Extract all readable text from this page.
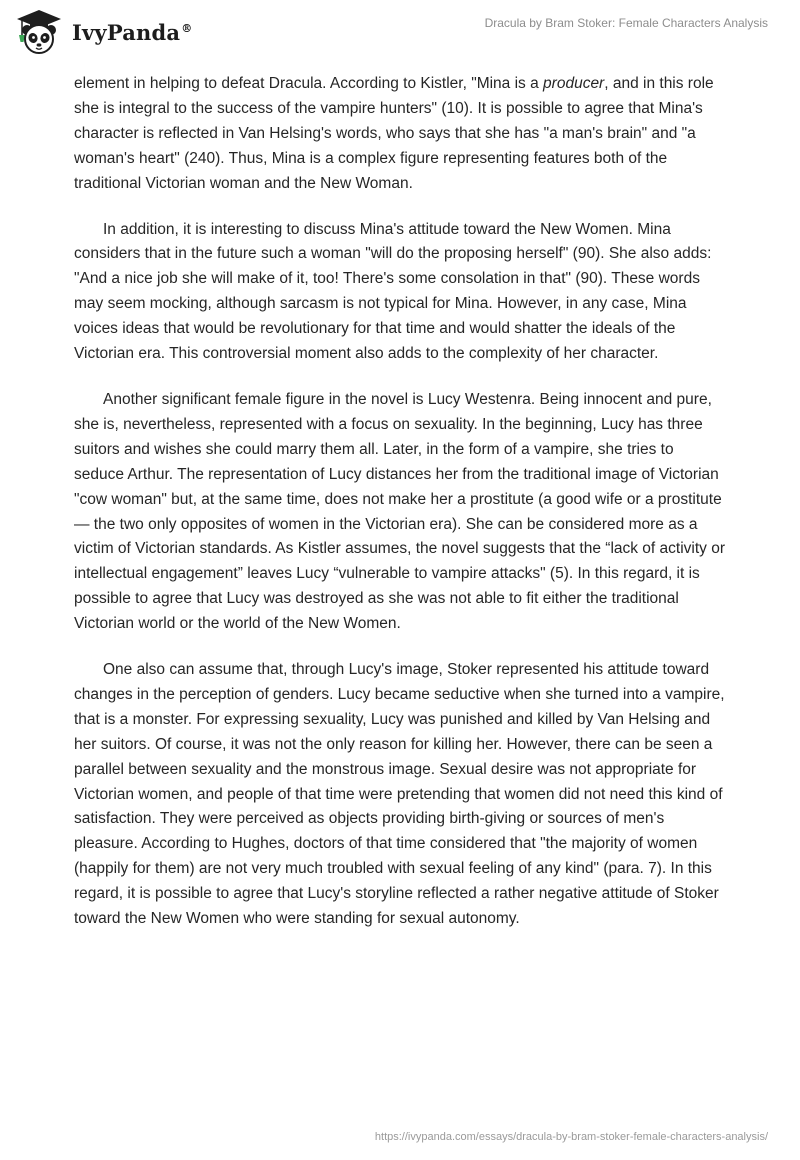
IvyPanda®	Dracula by Bram Stoker: Female Characters Analysis

element in helping to defeat Dracula. According to Kistler, "Mina is a producer, and in this role she is integral to the success of the vampire hunters" (10). It is possible to agree that Mina's character is reflected in Van Helsing's words, who says that she has "a man's brain" and "a woman's heart" (240). Thus, Mina is a complex figure representing features both of the traditional Victorian woman and the New Woman.

In addition, it is interesting to discuss Mina's attitude toward the New Women. Mina considers that in the future such a woman "will do the proposing herself" (90). She also adds: "And a nice job she will make of it, too! There's some consolation in that" (90). These words may seem mocking, although sarcasm is not typical for Mina. However, in any case, Mina voices ideas that would be revolutionary for that time and would shatter the ideals of the Victorian era. This controversial moment also adds to the complexity of her character.

Another significant female figure in the novel is Lucy Westenra. Being innocent and pure, she is, nevertheless, represented with a focus on sexuality. In the beginning, Lucy has three suitors and wishes she could marry them all. Later, in the form of a vampire, she tries to seduce Arthur. The representation of Lucy distances her from the traditional image of Victorian "cow woman" but, at the same time, does not make her a prostitute (a good wife or a prostitute — the two only opposites of women in the Victorian era). She can be considered more as a victim of Victorian standards. As Kistler assumes, the novel suggests that the “lack of activity or intellectual engagement” leaves Lucy “vulnerable to vampire attacks" (5). In this regard, it is possible to agree that Lucy was destroyed as she was not able to fit either the traditional Victorian world or the world of the New Women.

One also can assume that, through Lucy's image, Stoker represented his attitude toward changes in the perception of genders. Lucy became seductive when she turned into a vampire, that is a monster. For expressing sexuality, Lucy was punished and killed by Van Helsing and her suitors. Of course, it was not the only reason for killing her. However, there can be seen a parallel between sexuality and the monstrous image. Sexual desire was not appropriate for Victorian women, and people of that time were pretending that women did not need this kind of satisfaction. They were perceived as objects providing birth-giving or sources of men's pleasure. According to Hughes, doctors of that time considered that "the majority of women (happily for them) are not very much troubled with sexual feeling of any kind" (para. 7). In this regard, it is possible to agree that Lucy's storyline reflected a rather negative attitude of Stoker toward the New Women who were standing for sexual autonomy.

https://ivypanda.com/essays/dracula-by-bram-stoker-female-characters-analysis/
